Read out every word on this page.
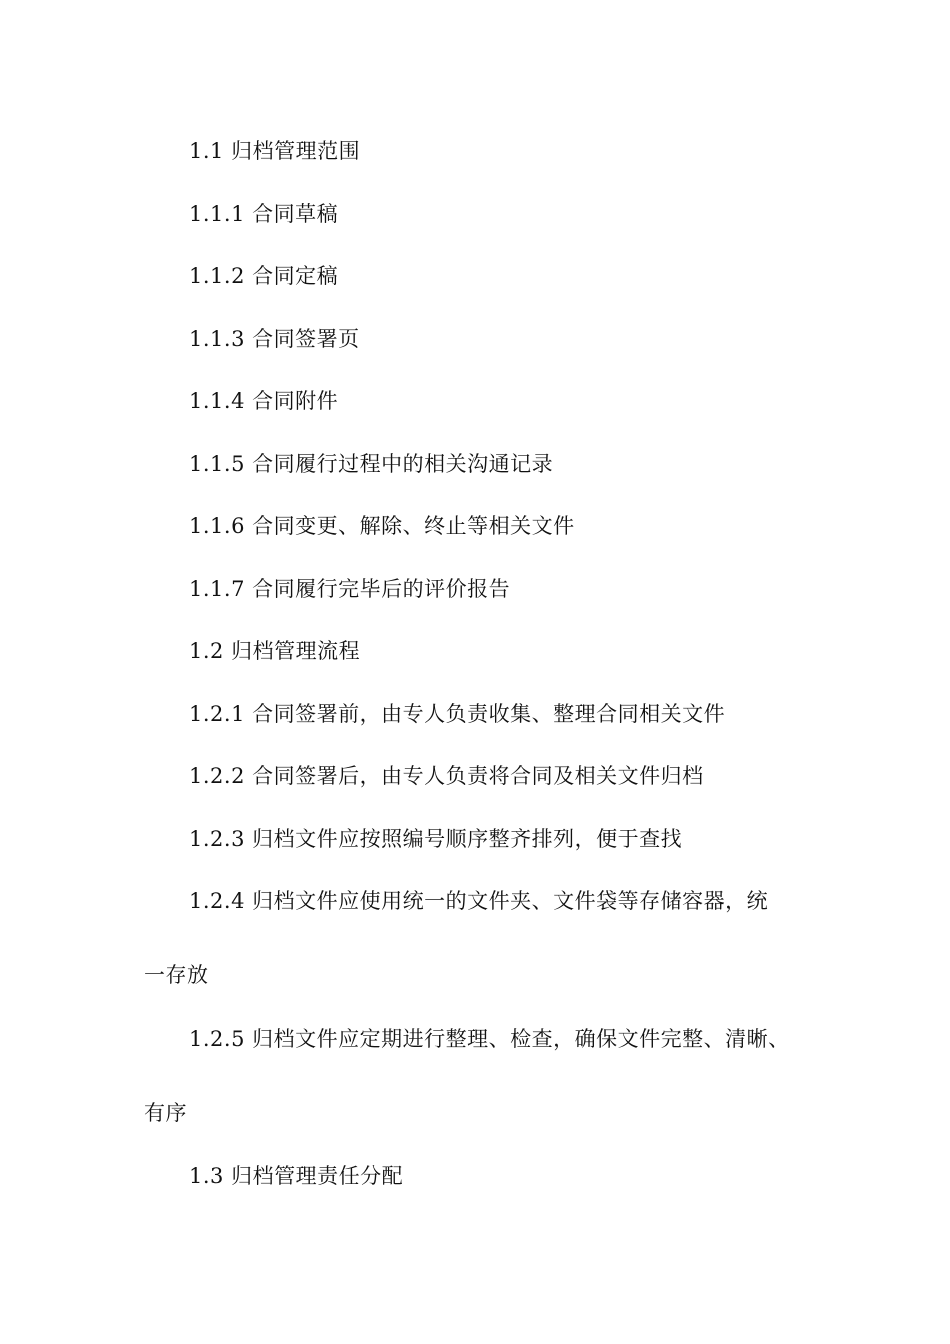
1.1 归档管理范围
1.1.1 合同草稿
1.1.2 合同定稿
1.1.3 合同签署页
1.1.4 合同附件
1.1.5 合同履行过程中的相关沟通记录
1.1.6 合同变更、解除、终止等相关文件
1.1.7 合同履行完毕后的评价报告
1.2 归档管理流程
1.2.1 合同签署前，由专人负责收集、整理合同相关文件
1.2.2 合同签署后，由专人负责将合同及相关文件归档
1.2.3 归档文件应按照编号顺序整齐排列，便于查找
1.2.4 归档文件应使用统一的文件夹、文件袋等存储容器，统
一存放
1.2.5 归档文件应定期进行整理、检查，确保文件完整、清晰、
有序
1.3 归档管理责任分配
